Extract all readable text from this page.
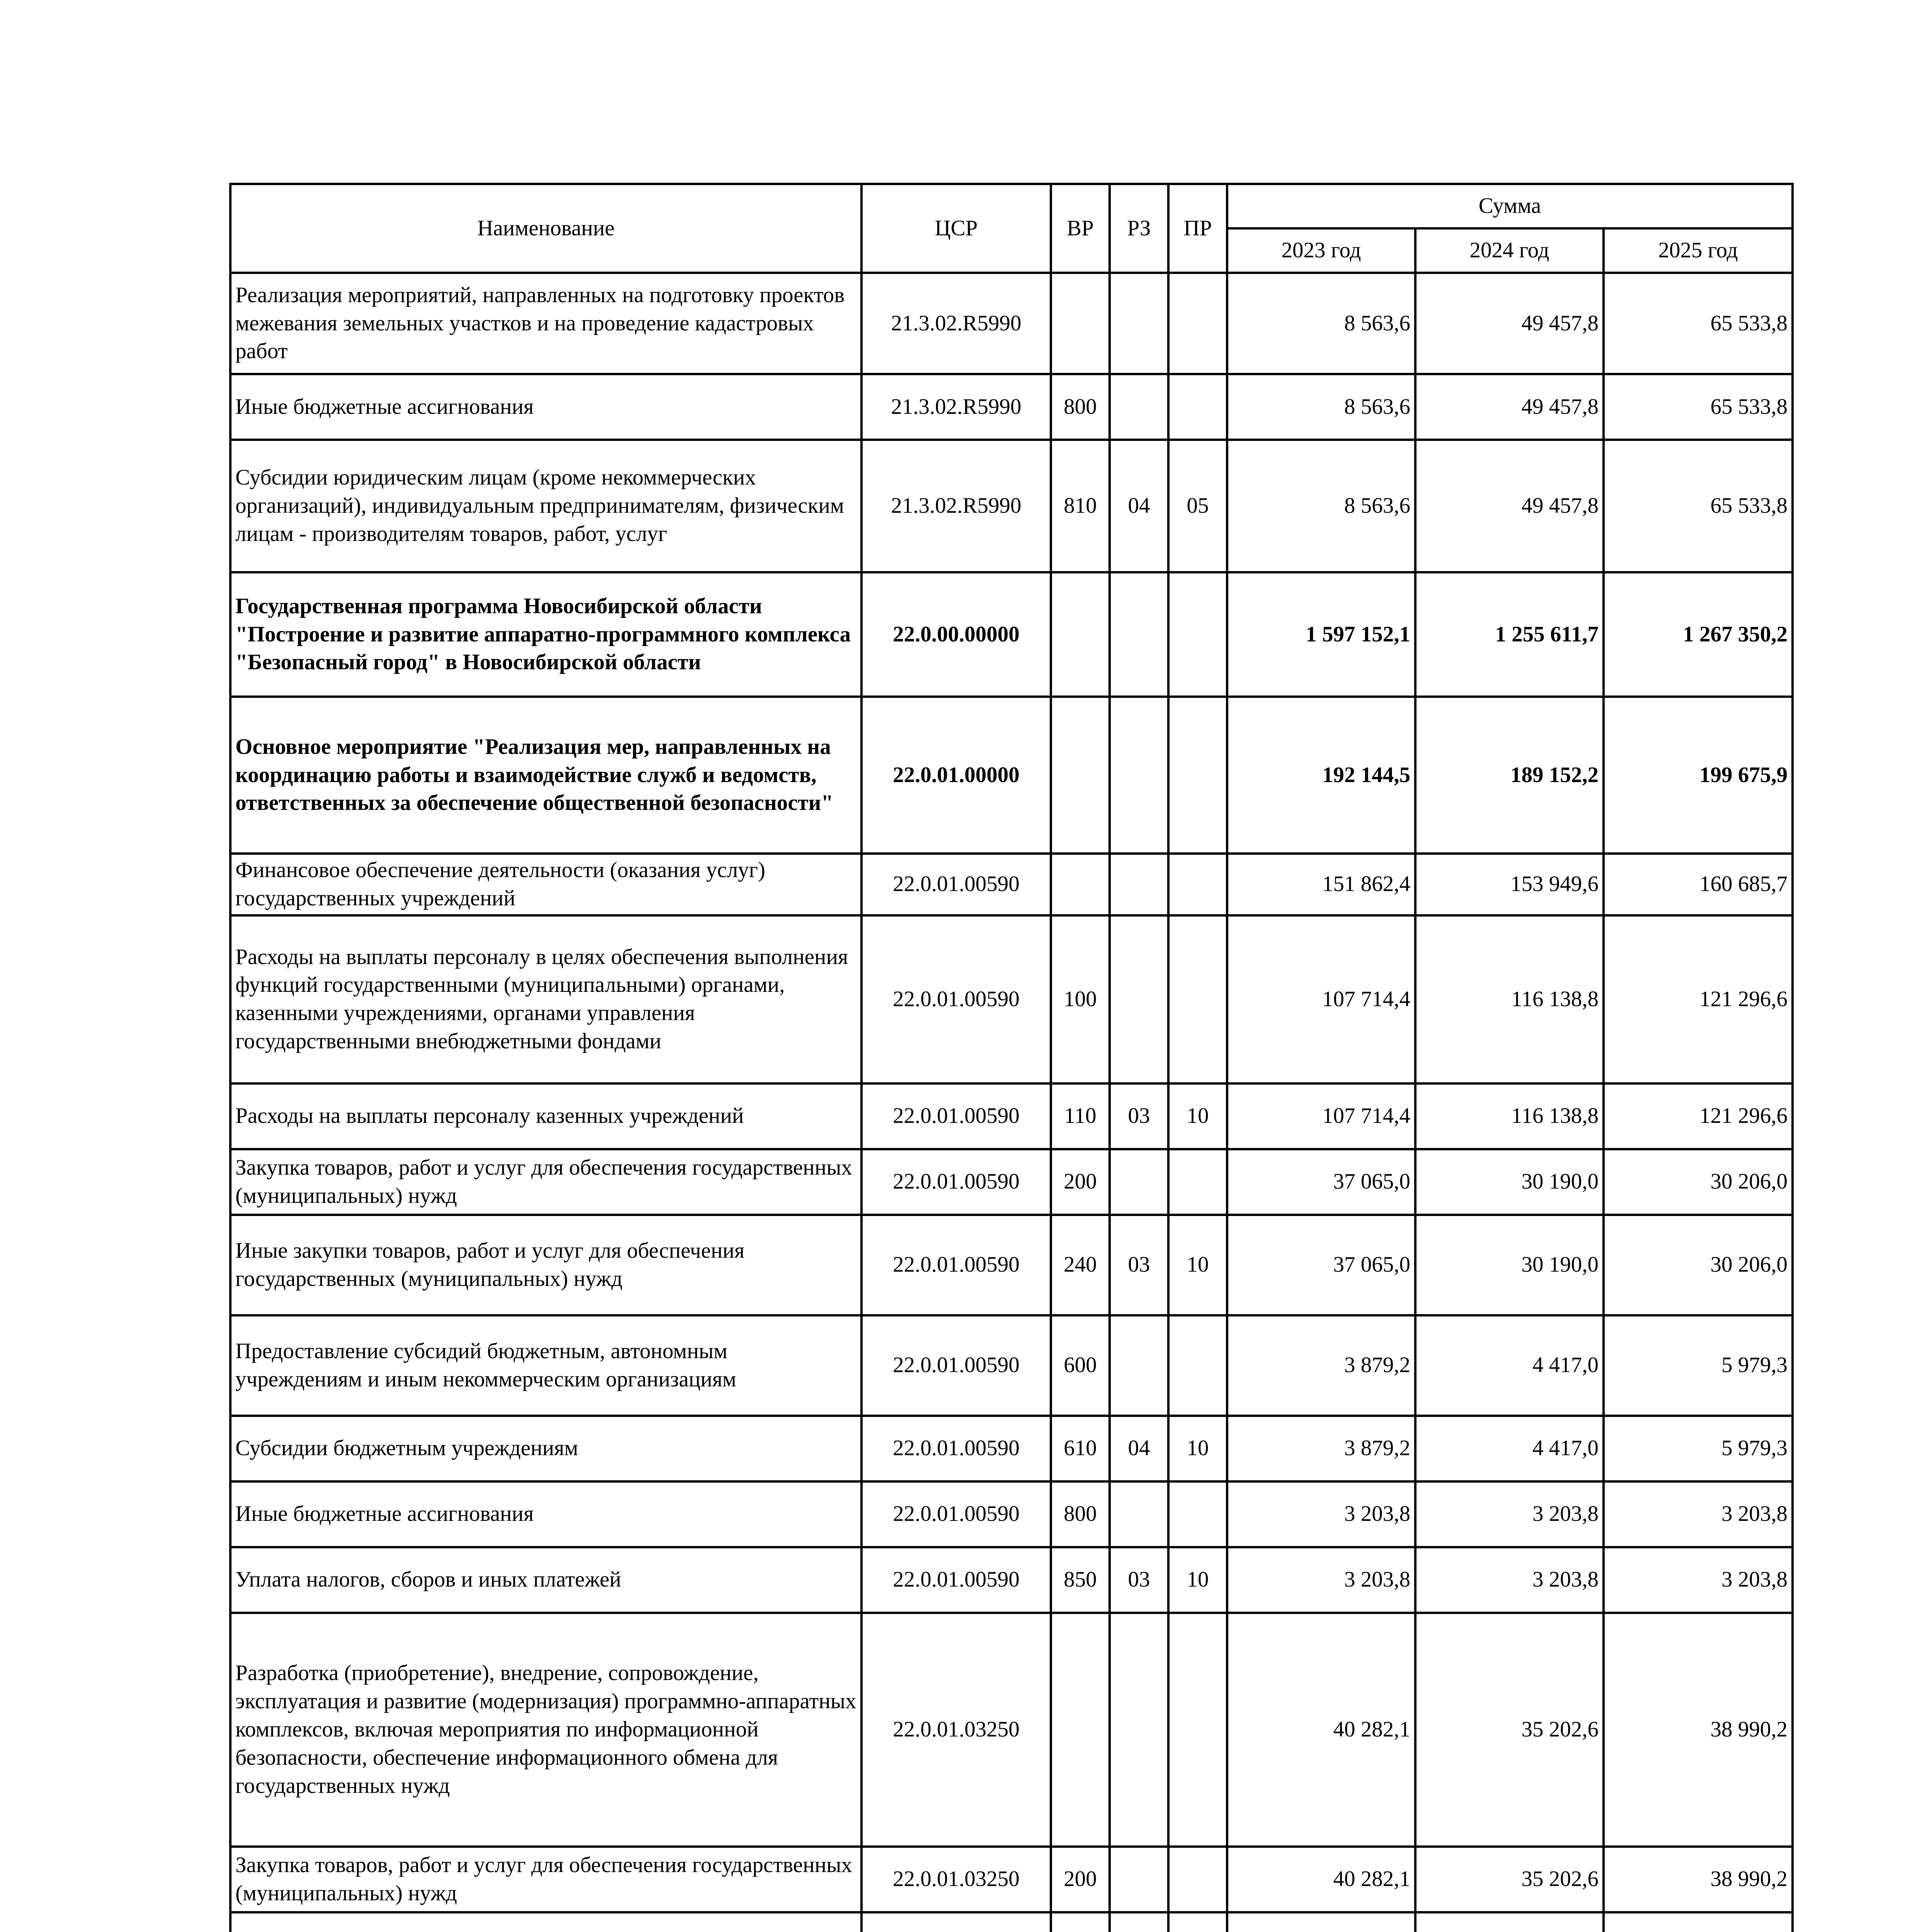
Наименование	ЦСР	ВР	РЗ	ПР	Сумма		
					2023 год	2024 год	2025 год
Реализация мероприятий, направленных на подготовку проектов межевания земельных участков и на проведение кадастровых работ	21.3.02.R5990				8 563,6	49 457,8	65 533,8
Иные бюджетные ассигнования	21.3.02.R5990	800			8 563,6	49 457,8	65 533,8
Субсидии юридическим лицам (кроме некоммерческих организаций), индивидуальным предпринимателям, физическим лицам - производителям товаров, работ, услуг	21.3.02.R5990	810	04	05	8 563,6	49 457,8	65 533,8
Государственная программа Новосибирской области "Построение и развитие аппаратно-программного комплекса "Безопасный город" в Новосибирской области	22.0.00.00000				1 597 152,1	1 255 611,7	1 267 350,2
Основное мероприятие "Реализация мер, направленных на координацию работы и взаимодействие служб и ведомств, ответственных за обеспечение общественной безопасности"	22.0.01.00000				192 144,5	189 152,2	199 675,9
Финансовое обеспечение деятельности (оказания услуг) государственных учреждений	22.0.01.00590				151 862,4	153 949,6	160 685,7
Расходы на выплаты персоналу в целях обеспечения выполнения функций государственными (муниципальными) органами, казенными учреждениями, органами управления государственными внебюджетными фондами	22.0.01.00590	100			107 714,4	116 138,8	121 296,6
Расходы на выплаты персоналу казенных учреждений	22.0.01.00590	110	03	10	107 714,4	116 138,8	121 296,6
Закупка товаров, работ и услуг для обеспечения государственных (муниципальных) нужд	22.0.01.00590	200			37 065,0	30 190,0	30 206,0
Иные закупки товаров, работ и услуг для обеспечения государственных (муниципальных) нужд	22.0.01.00590	240	03	10	37 065,0	30 190,0	30 206,0
Предоставление субсидий бюджетным, автономным учреждениям и иным некоммерческим организациям	22.0.01.00590	600			3 879,2	4 417,0	5 979,3
Субсидии бюджетным учреждениям	22.0.01.00590	610	04	10	3 879,2	4 417,0	5 979,3
Иные бюджетные ассигнования	22.0.01.00590	800			3 203,8	3 203,8	3 203,8
Уплата налогов, сборов и иных платежей	22.0.01.00590	850	03	10	3 203,8	3 203,8	3 203,8
Разработка (приобретение), внедрение, сопровождение, эксплуатация и развитие (модернизация) программно-аппаратных комплексов, включая мероприятия по информационной безопасности, обеспечение информационного обмена для государственных нужд	22.0.01.03250				40 282,1	35 202,6	38 990,2
Закупка товаров, работ и услуг для обеспечения государственных (муниципальных) нужд	22.0.01.03250	200			40 282,1	35 202,6	38 990,2
